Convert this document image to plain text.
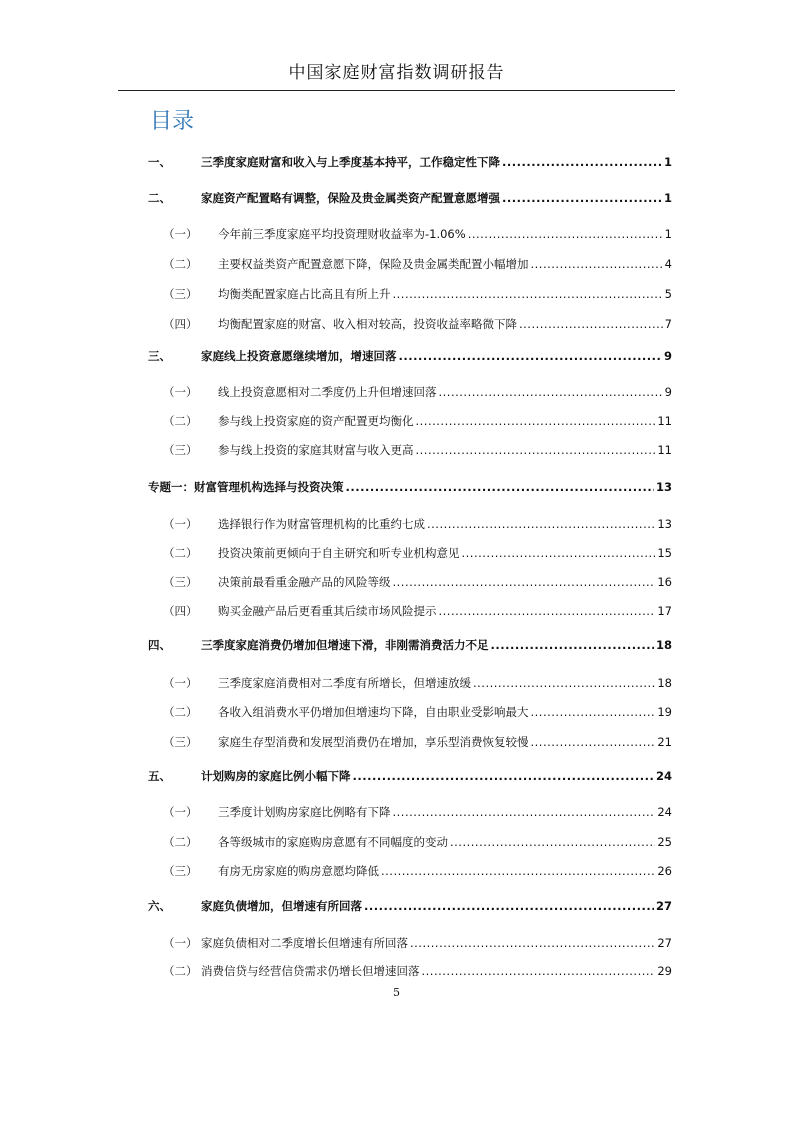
中国家庭财富指数调研报告
目录
一、	三季度家庭财富和收入与上季度基本持平，工作稳定性下降 .....	1
二、	家庭资产配置略有调整，保险及贵金属类资产配置意愿增强 .....	1
（一）	今年前三季度家庭平均投资理财收益率为-1.06% .....	1
（二）	主要权益类资产配置意愿下降，保险及贵金属类配置小幅增加 .....	4
（三）	均衡类配置家庭占比高且有所上升 .....	5
（四）	均衡配置家庭的财富、收入相对较高，投资收益率略微下降 .....	7
三、	家庭线上投资意愿继续增加，增速回落 .....	9
（一）	线上投资意愿相对二季度仍上升但增速回落 .....	9
（二）	参与线上投资家庭的资产配置更均衡化 .....	11
（三）	参与线上投资的家庭其财富与收入更高 .....	11
专题一：财富管理机构选择与投资决策 .....	13
（一）	选择银行作为财富管理机构的比重约七成 .....	13
（二）	投资决策前更倾向于自主研究和听专业机构意见 .....	15
（三）	决策前最看重金融产品的风险等级 .....	16
（四）	购买金融产品后更看重其后续市场风险提示 .....	17
四、	三季度家庭消费仍增加但增速下滑，非刚需消费活力不足 .....	18
（一）	三季度家庭消费相对二季度有所增长，但增速放缓 .....	18
（二）	各收入组消费水平仍增加但增速均下降，自由职业受影响最大 .....	19
（三）	家庭生存型消费和发展型消费仍在增加，享乐型消费恢复较慢 .....	21
五、	计划购房的家庭比例小幅下降 .....	24
（一）	三季度计划购房家庭比例略有下降 .....	24
（二）	各等级城市的家庭购房意愿有不同幅度的变动 .....	25
（三）	有房无房家庭的购房意愿均降低 .....	26
六、	家庭负债增加，但增速有所回落 .....	27
（一） 家庭负债相对二季度增长但增速有所回落 .....	27
（二） 消费信贷与经营信贷需求仍增长但增速回落 .....	29
5
